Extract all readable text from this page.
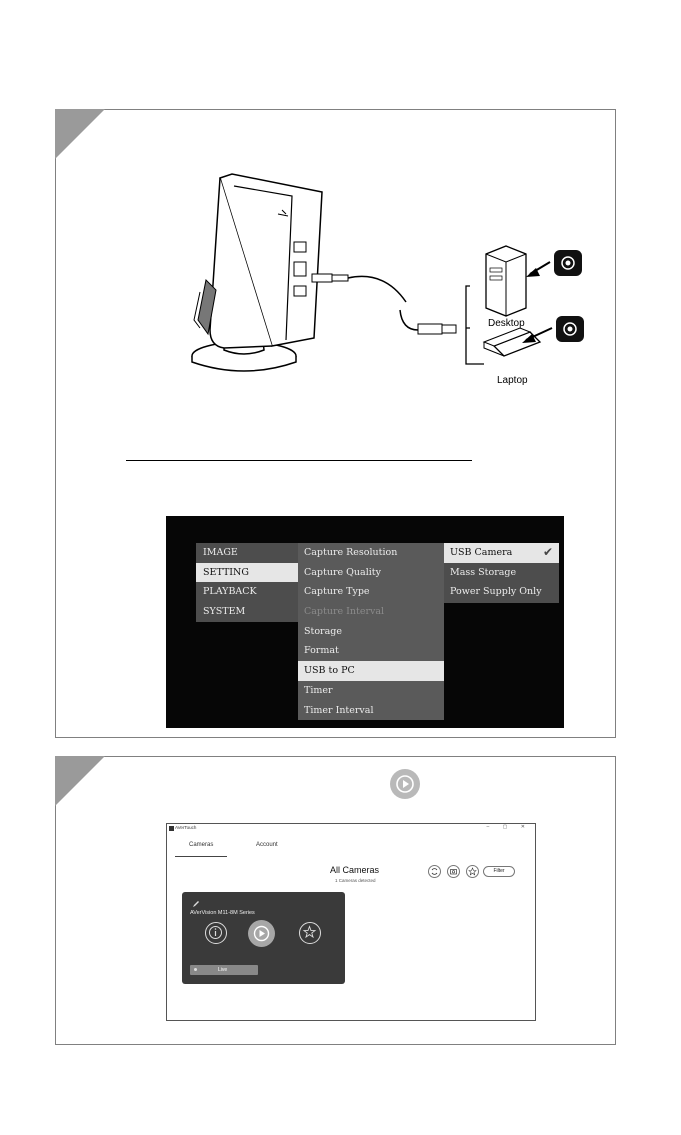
Desktop
Laptop
IMAGE
SETTING
PLAYBACK
SYSTEM
Capture Resolution
Capture Quality
Capture Type
Capture Interval
Storage
Format
USB to PC
Timer
Timer Interval
USB Camera	✔
Mass Storage
Power Supply Only
AVerTouch	– ▢ ✕
Cameras	Account
All Cameras
1 Cameras detected
Filter
AVerVision M11-8M Series
Live
